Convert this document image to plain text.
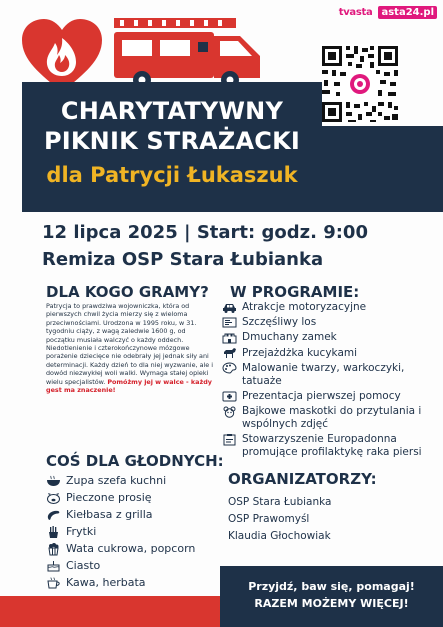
tvasta asta24.pl
CHARYTATYWNY
PIKNIK STRAŻACKI
dla Patrycji Łukaszuk
12 lipca 2025 | Start: godz. 9:00
Remiza OSP Stara Łubianka
DLA KOGO GRAMY?
Patrycja to prawdziwa wojowniczka, która od pierwszych chwil życia mierzy się z wieloma przeciwnościami. Urodzona w 1995 roku, w 31. tygodniu ciąży, z wagą zaledwie 1600 g, od początku musiała walczyć o każdy oddech. Niedotlenienie i czterokończynowe mózgowe porażenie dziecięce nie odebrały jej jednak siły ani determinacji. Każdy dzień to dla niej wyzwanie, ale i dowód niezwykłej woli walki. Wymaga stałej opieki wielu specjalistów. Pomóżmy jej w walce - każdy gest ma znaczenie!
W PROGRAMIE:
Atrakcje motoryzacyjne
Szczęśliwy los
Dmuchany zamek
Przejażdżka kucykami
Malowanie twarzy, warkoczyki, tatuaże
Prezentacja pierwszej pomocy
Bajkowe maskotki do przytulania i wspólnych zdjęć
Stowarzyszenie Europadonna promujące profilaktykę raka piersi
COŚ DLA GŁODNYCH:
Zupa szefa kuchni
Pieczone prosię
Kiełbasa z grilla
Frytki
Wata cukrowa, popcorn
Ciasto
Kawa, herbata
ORGANIZATORZY:
OSP Stara Łubianka
OSP Prawomyśl
Klaudia Głochowiak
Przyjdź, baw się, pomagaj!
RAZEM MOŻEMY WIĘCEJ!
